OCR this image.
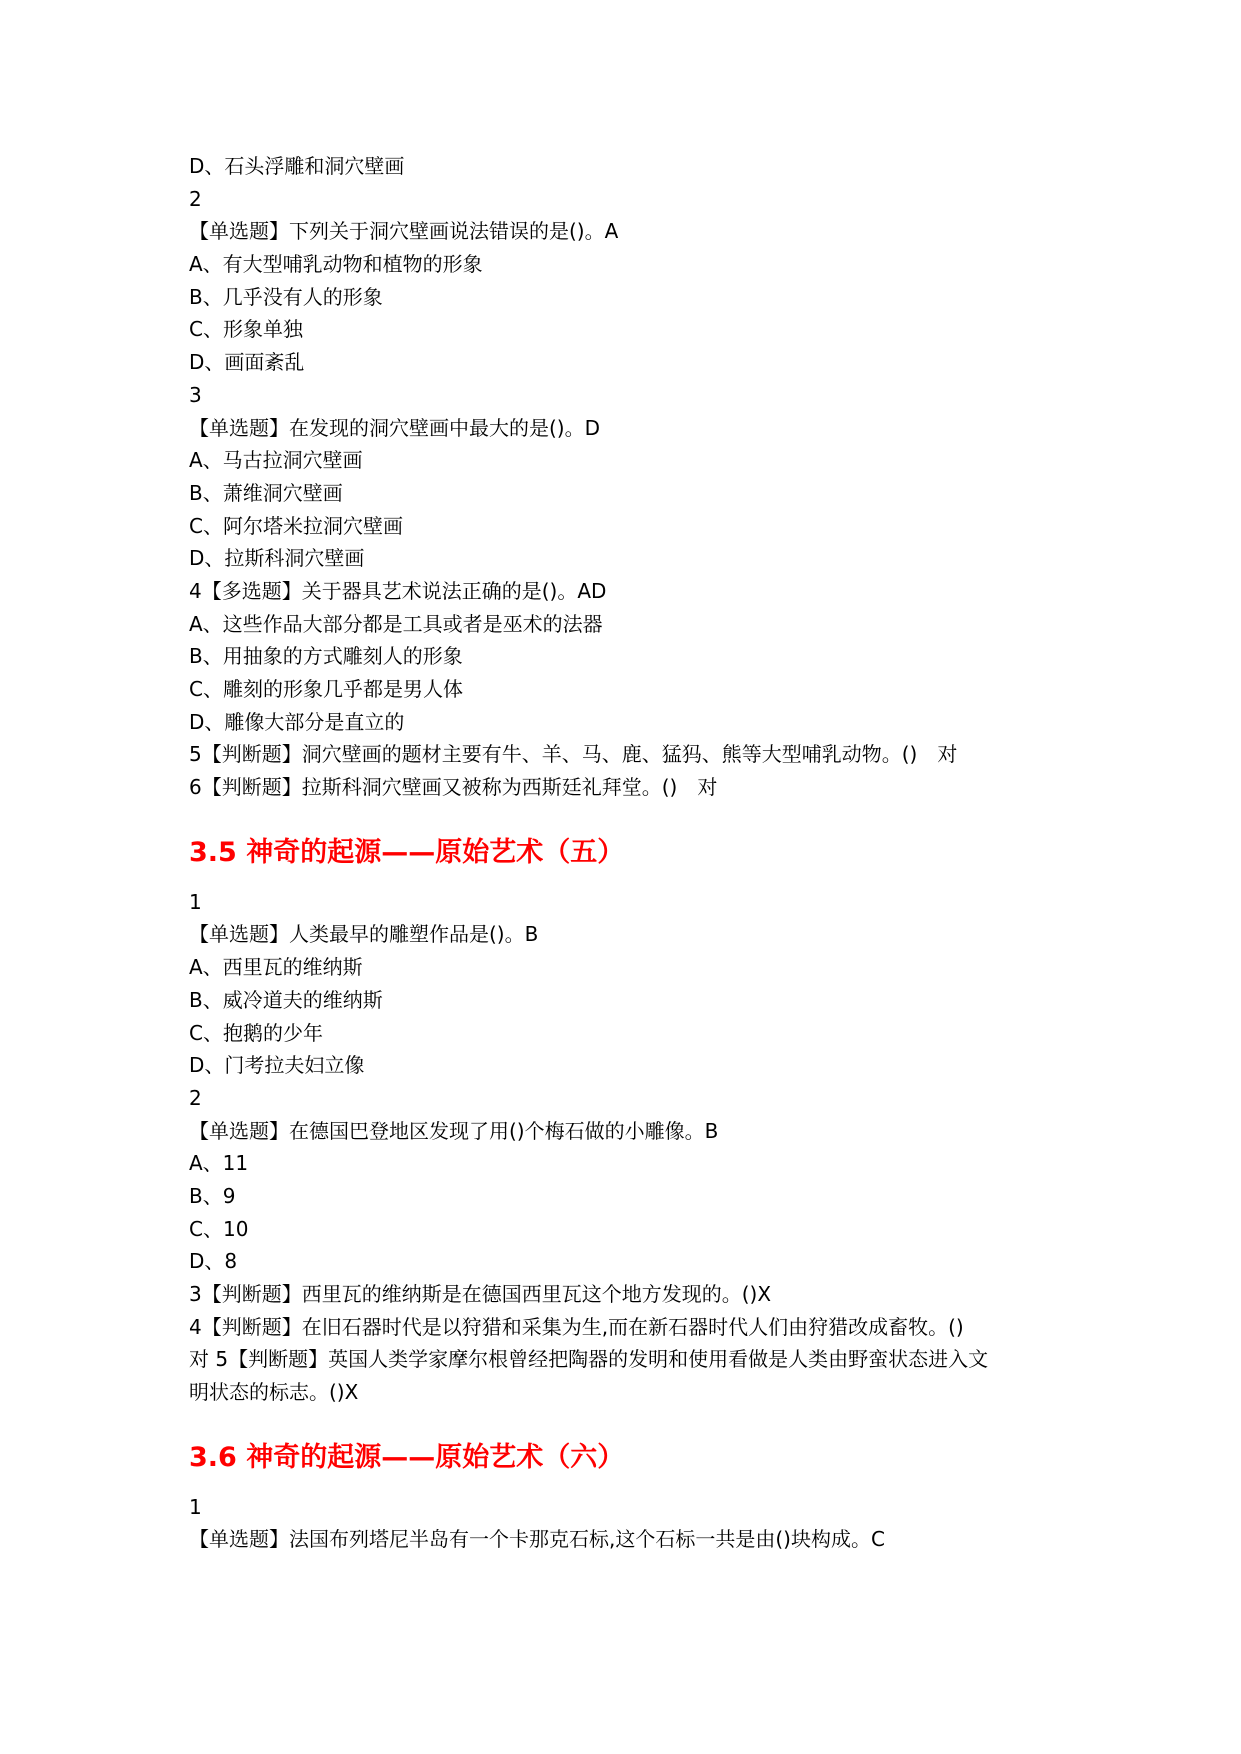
D、石头浮雕和洞穴壁画
2
【单选题】下列关于洞穴壁画说法错误的是()。A
A、有大型哺乳动物和植物的形象
B、几乎没有人的形象
C、形象单独
D、画面紊乱
3
【单选题】在发现的洞穴壁画中最大的是()。D
A、马古拉洞穴壁画
B、萧维洞穴壁画
C、阿尔塔米拉洞穴壁画
D、拉斯科洞穴壁画
4【多选题】关于器具艺术说法正确的是()。AD
A、这些作品大部分都是工具或者是巫术的法器
B、用抽象的方式雕刻人的形象
C、雕刻的形象几乎都是男人体
D、雕像大部分是直立的
5【判断题】洞穴壁画的题材主要有牛、羊、马、鹿、猛犸、熊等大型哺乳动物。()　对
6【判断题】拉斯科洞穴壁画又被称为西斯廷礼拜堂。()　对
3.5 神奇的起源——原始艺术（五）
1
【单选题】人类最早的雕塑作品是()。B
A、西里瓦的维纳斯
B、威冷道夫的维纳斯
C、抱鹅的少年
D、门考拉夫妇立像
2
【单选题】在德国巴登地区发现了用()个梅石做的小雕像。B
A、11
B、9
C、10
D、8
3【判断题】西里瓦的维纳斯是在德国西里瓦这个地方发现的。()X
4【判断题】在旧石器时代是以狩猎和采集为生,而在新石器时代人们由狩猎改成畜牧。()
对 5【判断题】英国人类学家摩尔根曾经把陶器的发明和使用看做是人类由野蛮状态进入文
明状态的标志。()X
3.6 神奇的起源——原始艺术（六）
1
【单选题】法国布列塔尼半岛有一个卡那克石标,这个石标一共是由()块构成。C
